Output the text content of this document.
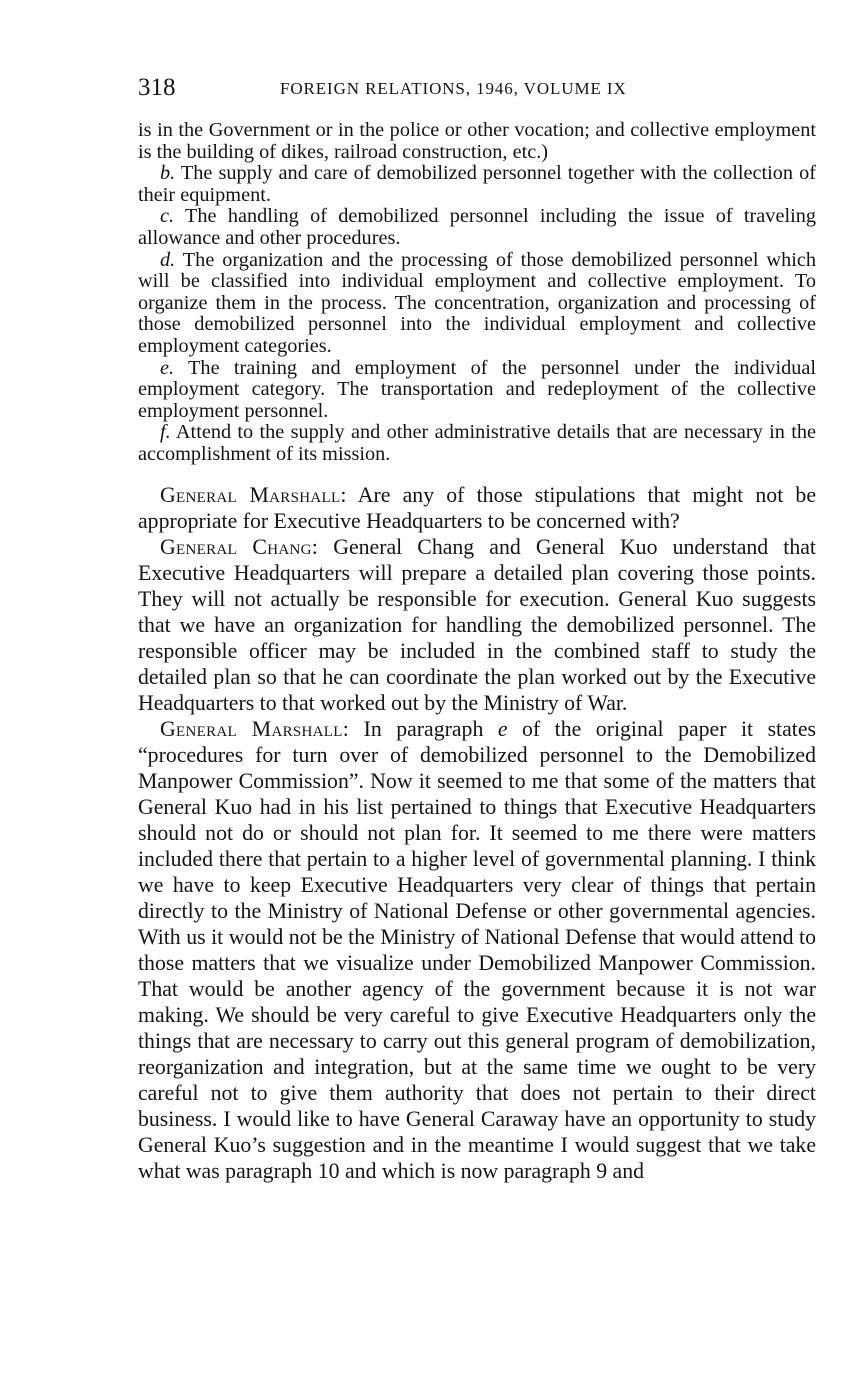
318	FOREIGN RELATIONS, 1946, VOLUME IX

is in the Government or in the police or other vocation; and collective employment is the building of dikes, railroad construction, etc.)

b. The supply and care of demobilized personnel together with the collection of their equipment.

c. The handling of demobilized personnel including the issue of traveling allowance and other procedures.

d. The organization and the processing of those demobilized personnel which will be classified into individual employment and collective employment. To organize them in the process. The concentration, organization and processing of those demobilized personnel into the individual employment and collective employment categories.

e. The training and employment of the personnel under the individual employment category. The transportation and redeployment of the collective employment personnel.

f. Attend to the supply and other administrative details that are necessary in the accomplishment of its mission.

General Marshall: Are any of those stipulations that might not be appropriate for Executive Headquarters to be concerned with?

General Chang: General Chang and General Kuo understand that Executive Headquarters will prepare a detailed plan covering those points. They will not actually be responsible for execution. General Kuo suggests that we have an organization for handling the demobilized personnel. The responsible officer may be included in the combined staff to study the detailed plan so that he can coordinate the plan worked out by the Executive Headquarters to that worked out by the Ministry of War.

General Marshall: In paragraph e of the original paper it states “procedures for turn over of demobilized personnel to the Demobilized Manpower Commission”. Now it seemed to me that some of the matters that General Kuo had in his list pertained to things that Executive Headquarters should not do or should not plan for. It seemed to me there were matters included there that pertain to a higher level of governmental planning. I think we have to keep Executive Headquarters very clear of things that pertain directly to the Ministry of National Defense or other governmental agencies. With us it would not be the Ministry of National Defense that would attend to those matters that we visualize under Demobilized Manpower Commission. That would be another agency of the government because it is not war making. We should be very careful to give Executive Headquarters only the things that are necessary to carry out this general program of demobilization, reorganization and integration, but at the same time we ought to be very careful not to give them authority that does not pertain to their direct business. I would like to have General Caraway have an opportunity to study General Kuo’s suggestion and in the meantime I would suggest that we take what was paragraph 10 and which is now paragraph 9 and
